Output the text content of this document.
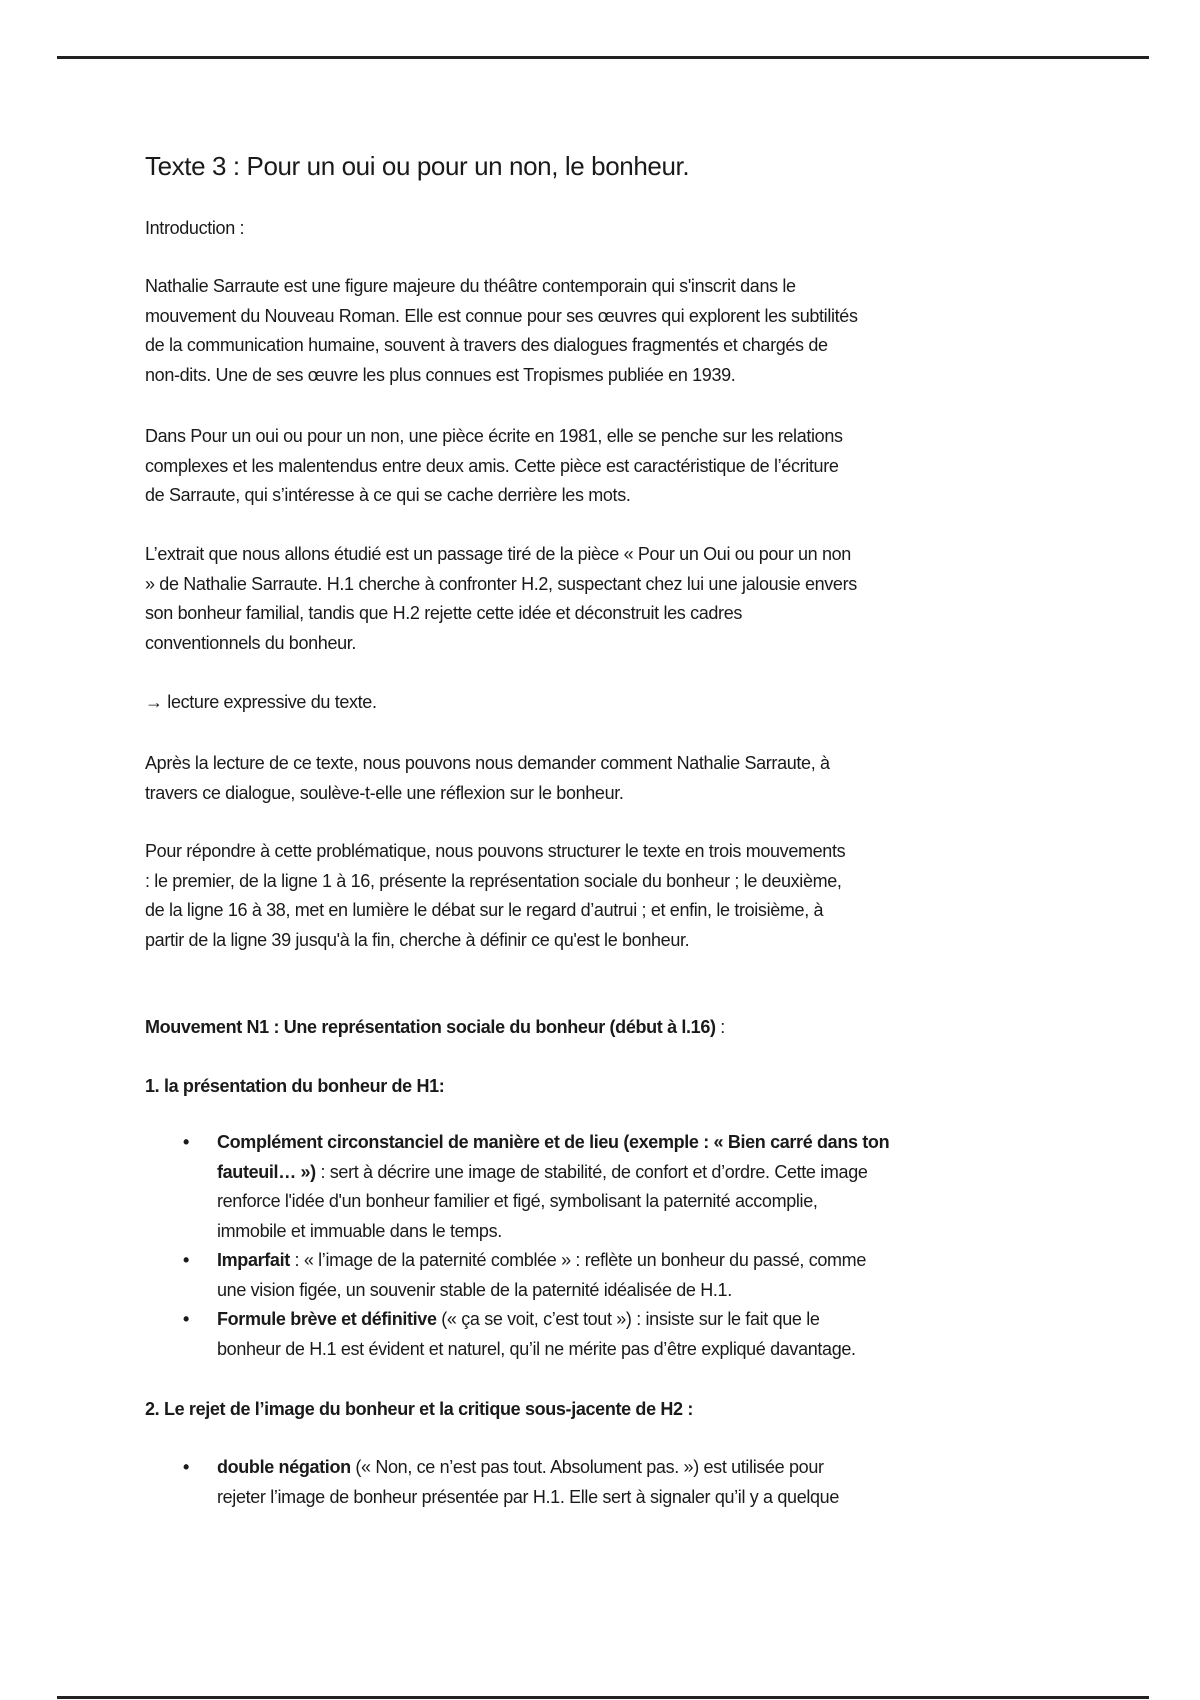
Texte 3 : Pour un oui ou pour un non, le bonheur.
Introduction :
Nathalie Sarraute est une figure majeure du théâtre contemporain qui s'inscrit dans le
mouvement du Nouveau Roman. Elle est connue pour ses œuvres qui explorent les subtilités
de la communication humaine, souvent à travers des dialogues fragmentés et chargés de
non-dits. Une de ses œuvre les plus connues est Tropismes publiée en 1939.
Dans Pour un oui ou pour un non, une pièce écrite en 1981, elle se penche sur les relations
complexes et les malentendus entre deux amis. Cette pièce est caractéristique de l’écriture
de Sarraute, qui s’intéresse à ce qui se cache derrière les mots.
L’extrait que nous allons étudié est un passage tiré de la pièce « Pour un Oui ou pour un non
» de Nathalie Sarraute. H.1 cherche à confronter H.2, suspectant chez lui une jalousie envers
son bonheur familial, tandis que H.2 rejette cette idée et déconstruit les cadres
conventionnels du bonheur.
→ lecture expressive du texte.
Après la lecture de ce texte, nous pouvons nous demander comment Nathalie Sarraute, à
travers ce dialogue, soulève-t-elle une réflexion sur le bonheur.
Pour répondre à cette problématique, nous pouvons structurer le texte en trois mouvements
: le premier, de la ligne 1 à 16, présente la représentation sociale du bonheur ; le deuxième,
de la ligne 16 à 38, met en lumière le débat sur le regard d’autrui ; et enfin, le troisième, à
partir de la ligne 39 jusqu'à la fin, cherche à définir ce qu'est le bonheur.
Mouvement N1 : Une représentation sociale du bonheur (début à l.16) :
1. la présentation du bonheur de H1:
• Complément circonstanciel de manière et de lieu (exemple : « Bien carré dans ton
fauteuil… ») : sert à décrire une image de stabilité, de confort et d’ordre. Cette image
renforce l'idée d'un bonheur familier et figé, symbolisant la paternité accomplie,
immobile et immuable dans le temps.
• Imparfait : « l’image de la paternité comblée » : reflète un bonheur du passé, comme
une vision figée, un souvenir stable de la paternité idéalisée de H.1.
• Formule brève et définitive (« ça se voit, c’est tout ») : insiste sur le fait que le
bonheur de H.1 est évident et naturel, qu’il ne mérite pas d’être expliqué davantage.
2. Le rejet de l’image du bonheur et la critique sous-jacente de H2 :
• double négation (« Non, ce n’est pas tout. Absolument pas. ») est utilisée pour
rejeter l’image de bonheur présentée par H.1. Elle sert à signaler qu’il y a quelque
